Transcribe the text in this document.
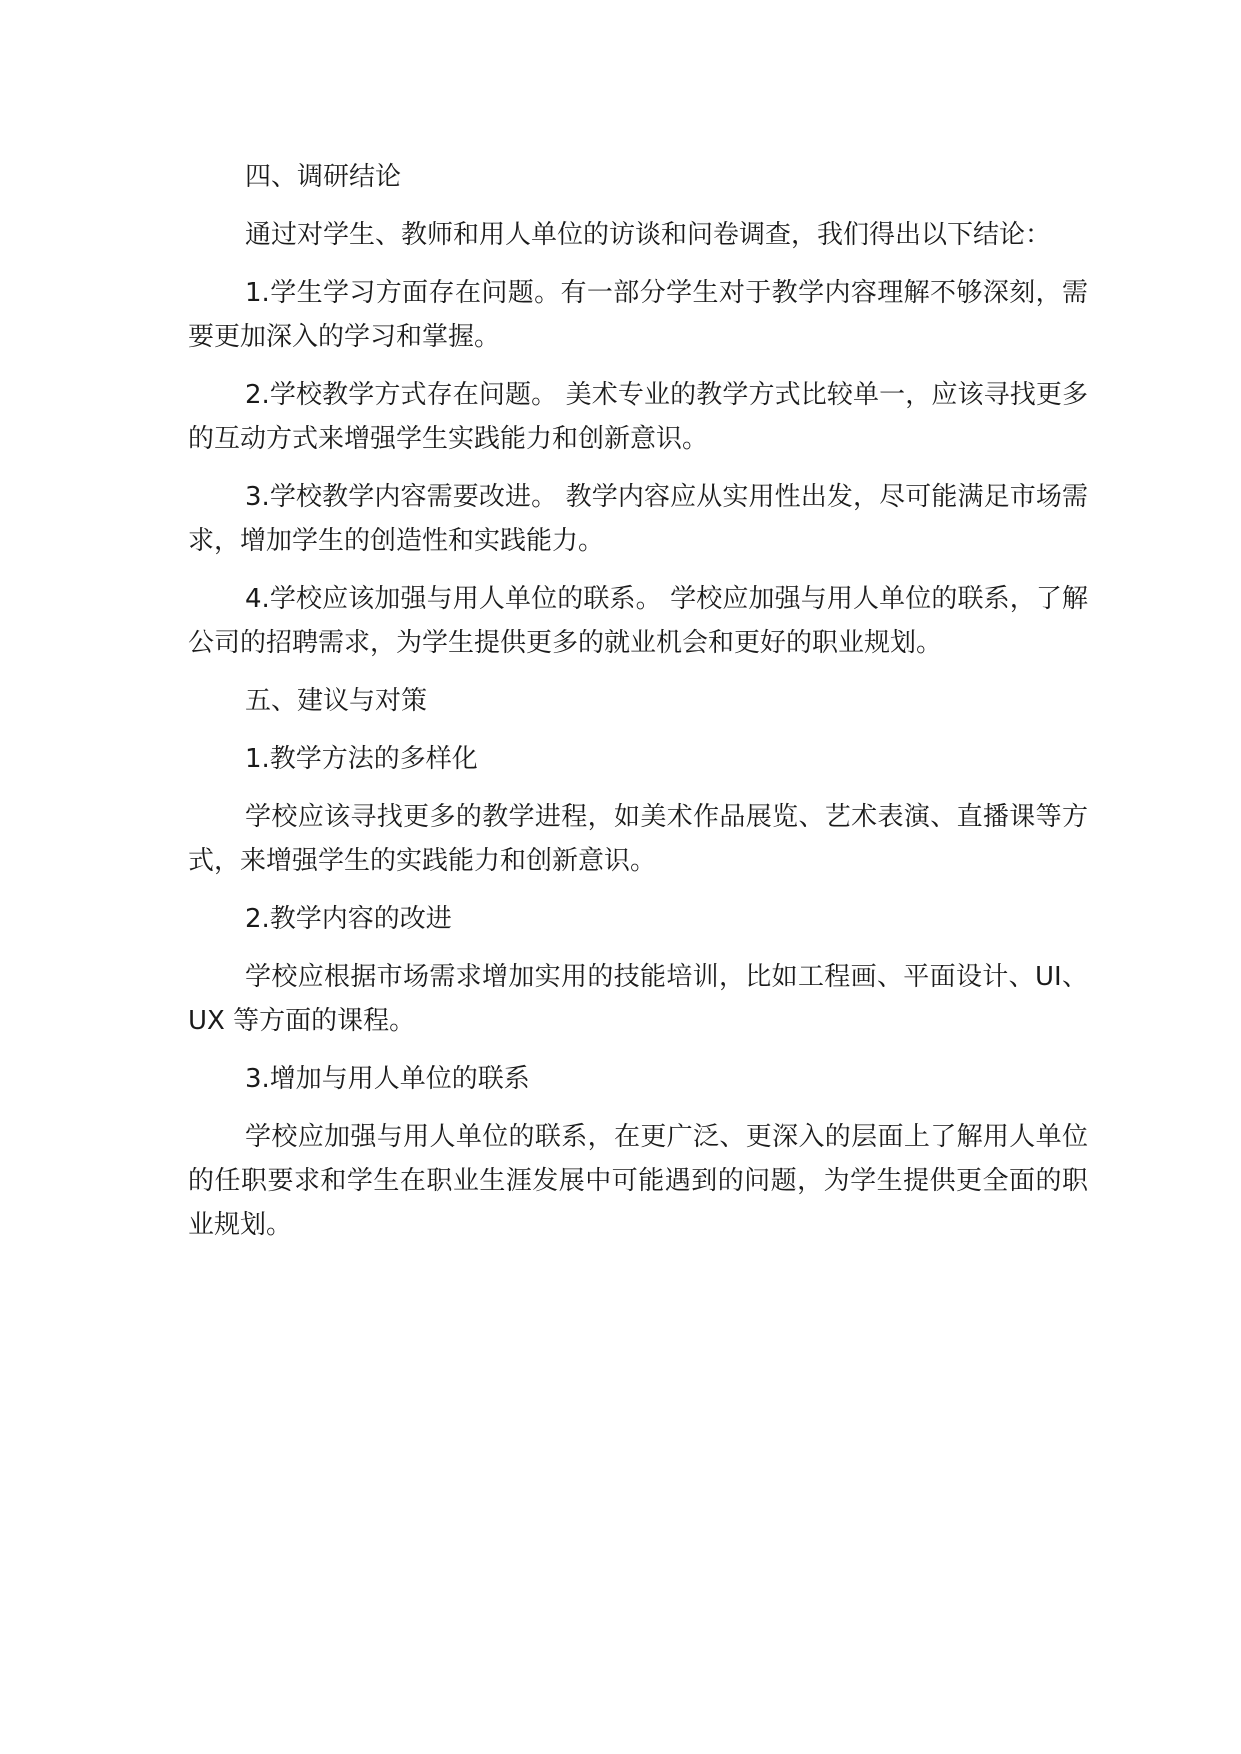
四、调研结论

通过对学生、教师和用人单位的访谈和问卷调查，我们得出以下结论：

1.学生学习方面存在问题。有一部分学生对于教学内容理解不够深刻，需要更加深入的学习和掌握。

2.学校教学方式存在问题。 美术专业的教学方式比较单一，应该寻找更多的互动方式来增强学生实践能力和创新意识。

3.学校教学内容需要改进。 教学内容应从实用性出发，尽可能满足市场需求，增加学生的创造性和实践能力。

4.学校应该加强与用人单位的联系。 学校应加强与用人单位的联系，了解公司的招聘需求，为学生提供更多的就业机会和更好的职业规划。

五、建议与对策

1.教学方法的多样化

学校应该寻找更多的教学进程，如美术作品展览、艺术表演、直播课等方式，来增强学生的实践能力和创新意识。

2.教学内容的改进

学校应根据市场需求增加实用的技能培训，比如工程画、平面设计、UI、UX 等方面的课程。

3.增加与用人单位的联系

学校应加强与用人单位的联系，在更广泛、更深入的层面上了解用人单位的任职要求和学生在职业生涯发展中可能遇到的问题，为学生提供更全面的职业规划。
